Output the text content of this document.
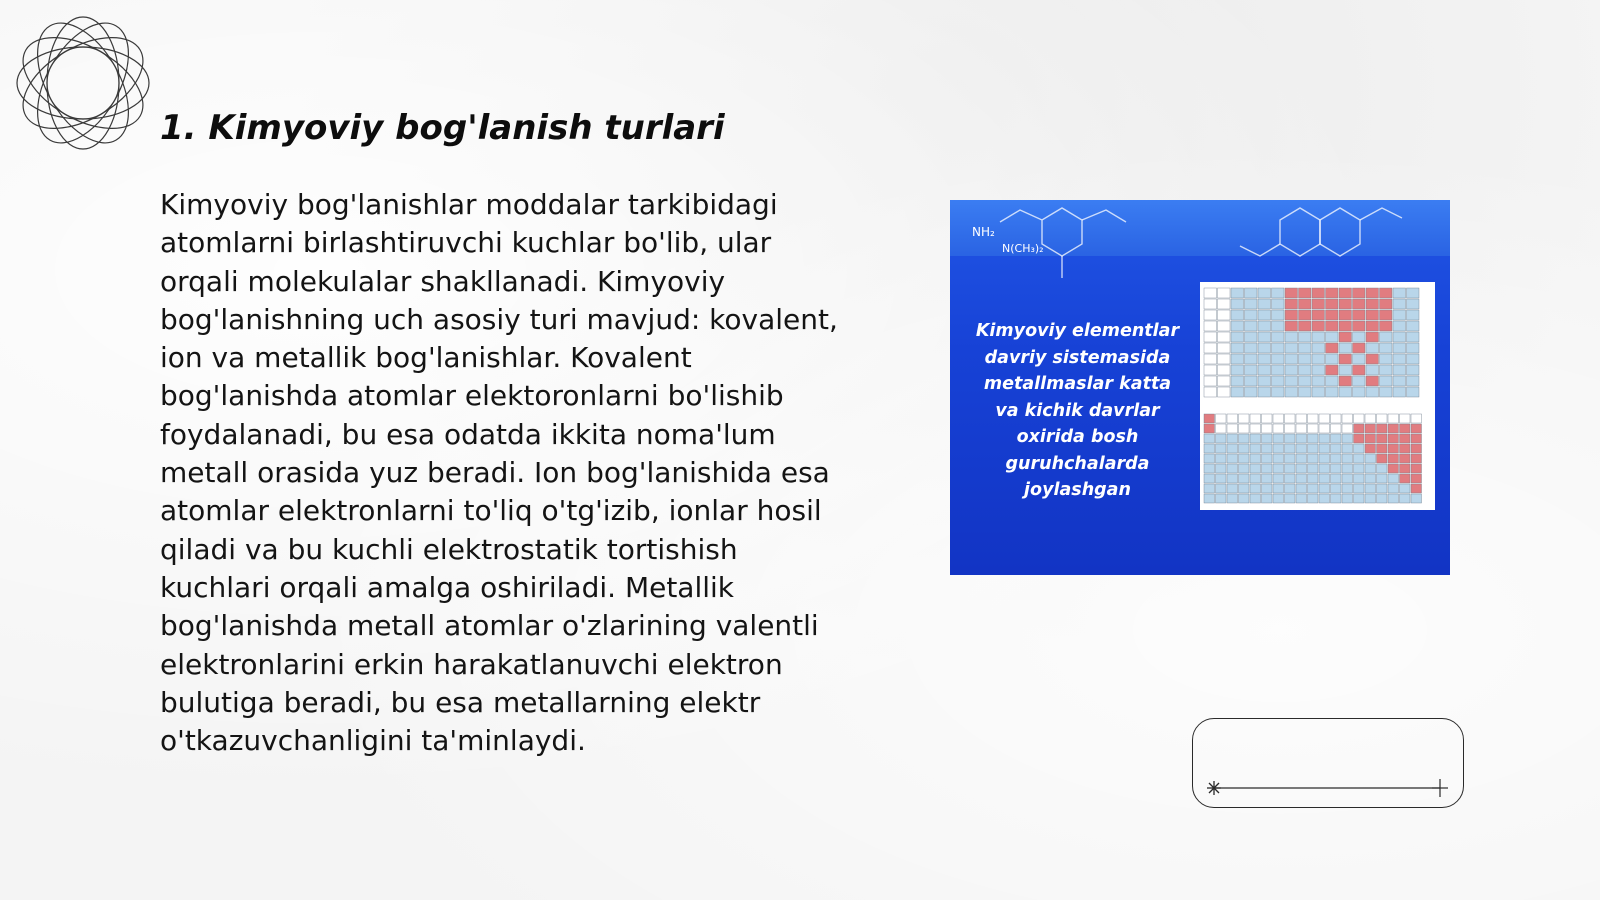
1. Kimyoviy bog'lanish turlari

Kimyoviy bog'lanishlar moddalar tarkibidagi atomlarni birlashtiruvchi kuchlar bo'lib, ular orqali molekulalar shakllanadi. Kimyoviy bog'lanishning uch asosiy turi mavjud: kovalent, ion va metallik bog'lanishlar. Kovalent bog'lanishda atomlar elektoronlarni bo'lishib foydalanadi, bu esa odatda ikkita noma'lum metall orasida yuz beradi. Ion bog'lanishida esa atomlar elektronlarni to'liq o'tg'izib, ionlar hosil qiladi va bu kuchli elektrostatik tortishish kuchlari orqali amalga oshiriladi. Metallik bog'lanishda metall atomlar o'zlarining valentli elektronlarini erkin harakatlanuvchi elektron bulutiga beradi, bu esa metallarning elektr o'tkazuvchanligini ta'minlaydi.

NH₂
N(CH₃)₂

Kimyoviy elementlar davriy sistemasida metallmaslar katta va kichik davrlar oxirida bosh guruhchalarda joylashgan
